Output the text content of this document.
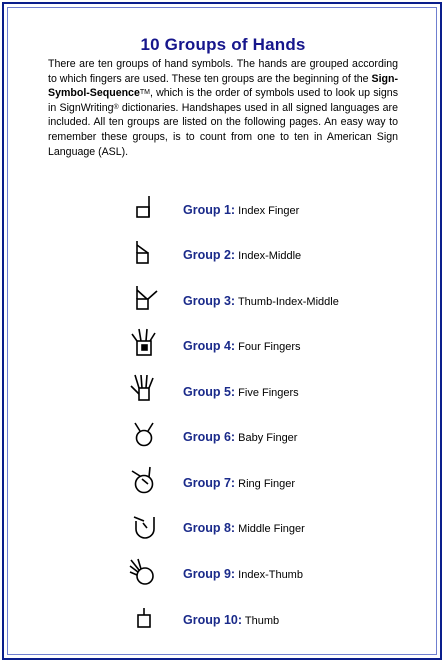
10 Groups of Hands
There are ten groups of hand symbols. The hands are grouped according to which fingers are used. These ten groups are the beginning of the Sign-Symbol-SequenceTM, which is the order of symbols used to look up signs in SignWriting® dictionaries. Handshapes used in all signed languages are included. All ten groups are listed on the following pages. An easy way to remember these groups, is to count from one to ten in American Sign Language (ASL).
Group 1: Index Finger
Group 2: Index-Middle
Group 3: Thumb-Index-Middle
Group 4: Four Fingers
Group 5: Five Fingers
Group 6: Baby Finger
Group 7: Ring Finger
Group 8: Middle Finger
Group 9: Index-Thumb
Group 10: Thumb
